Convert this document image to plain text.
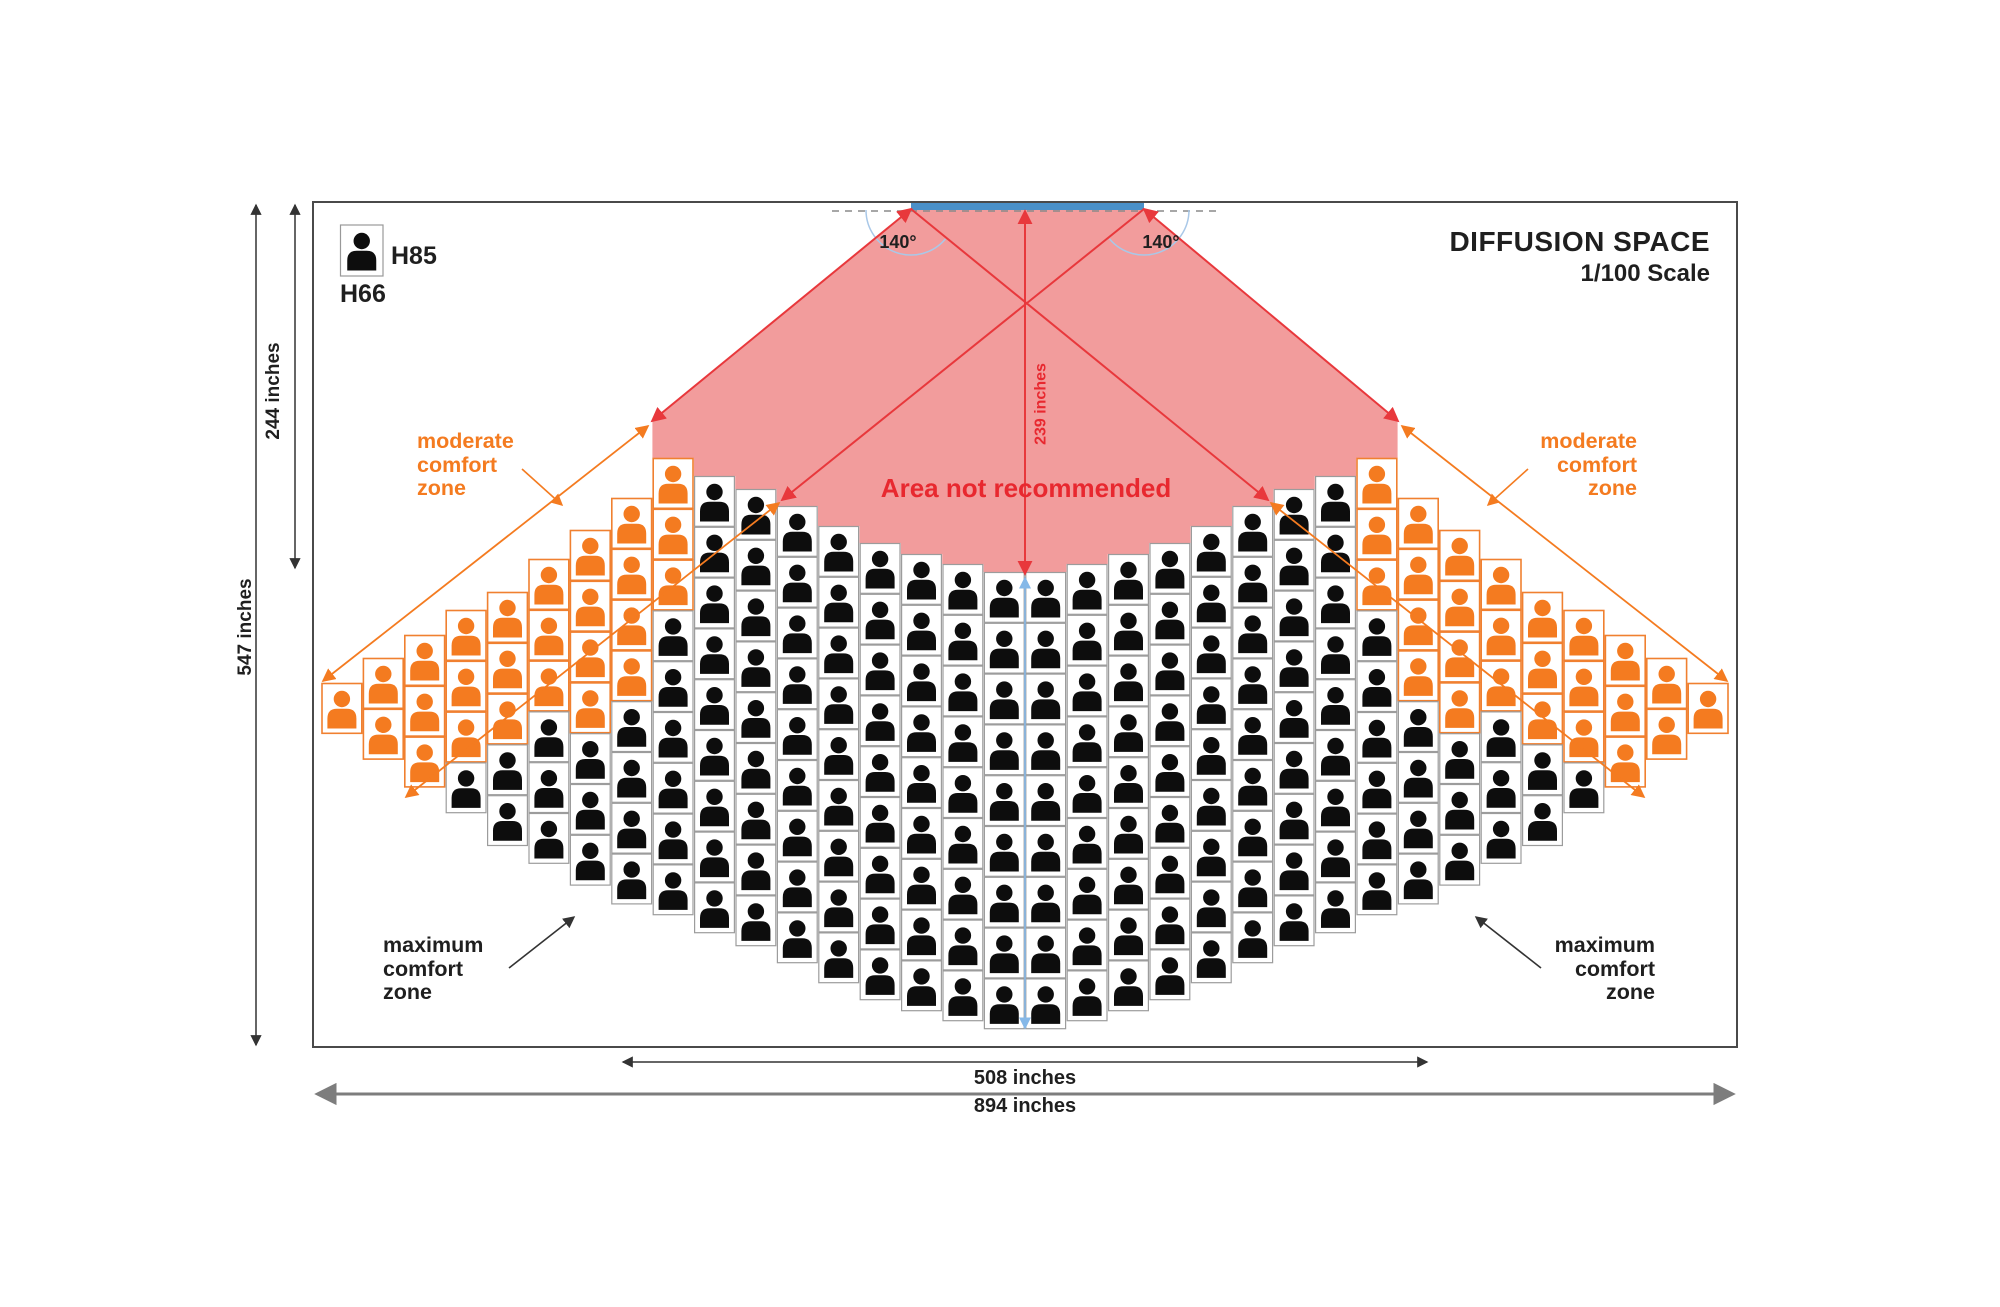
DIFFUSION SPACE
1/100 Scale
H85
H66
140°	140°
239 inches
Area not recommended
moderate
comfort
zone
moderate
comfort
zone
maximum
comfort
zone
maximum
comfort
zone
244 inches
547 inches
508 inches
894 inches
